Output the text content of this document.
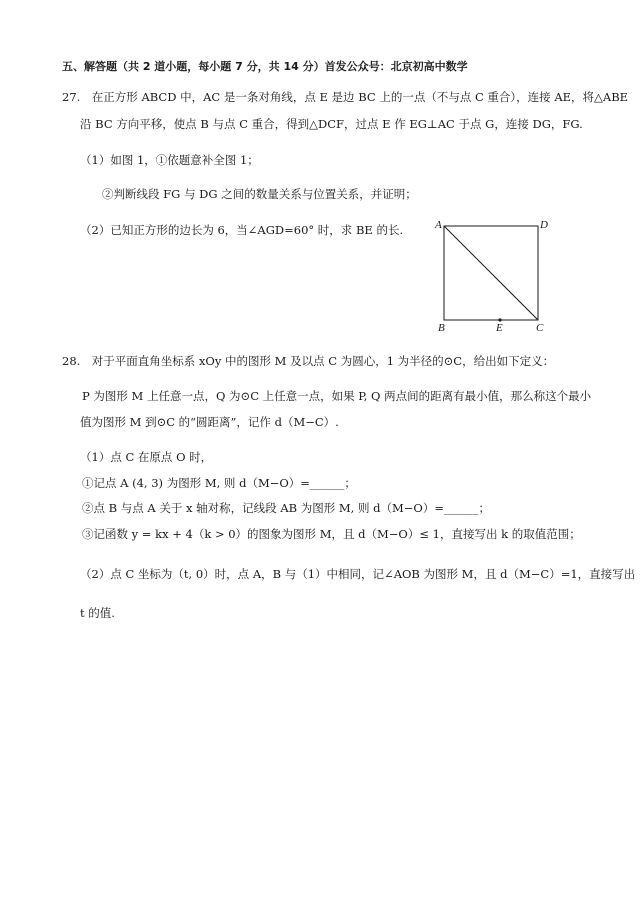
五、解答题（共 2 道小题，每小题 7 分，共 14 分）首发公众号：北京初高中数学
27.　在正方形 ABCD 中，AC 是一条对角线，点 E 是边 BC 上的一点（不与点 C 重合），连接 AE，将△ABE
沿 BC 方向平移，使点 B 与点 C 重合，得到△DCF，过点 E 作 EG⊥AC 于点 G，连接 DG，FG.
（1）如图 1，①依题意补全图 1；
②判断线段 FG 与 DG 之间的数量关系与位置关系，并证明；
（2）已知正方形的边长为 6，当∠AGD=60° 时，求 BE 的长.	A	D
B	E	C
28.　对于平面直角坐标系 xOy 中的图形 M 及以点 C 为圆心，1 为半径的⊙C，给出如下定义：
P 为图形 M 上任意一点，Q 为⊙C 上任意一点，如果 P, Q 两点间的距离有最小值，那么称这个最小
值为图形 M 到⊙C 的“圆距离”，记作 d（M−C）.
（1）点 C 在原点 O 时，
①记点 A (4, 3) 为图形 M, 则 d（M−O）=______；
②点 B 与点 A 关于 x 轴对称，记线段 AB 为图形 M, 则 d（M−O）=______；
③记函数 y = kx + 4（k > 0）的图象为图形 M，且 d（M−O）≤ 1，直接写出 k 的取值范围；
（2）点 C 坐标为（t, 0）时，点 A，B 与（1）中相同，记∠AOB 为图形 M，且 d（M−C）=1，直接写出
t 的值.
